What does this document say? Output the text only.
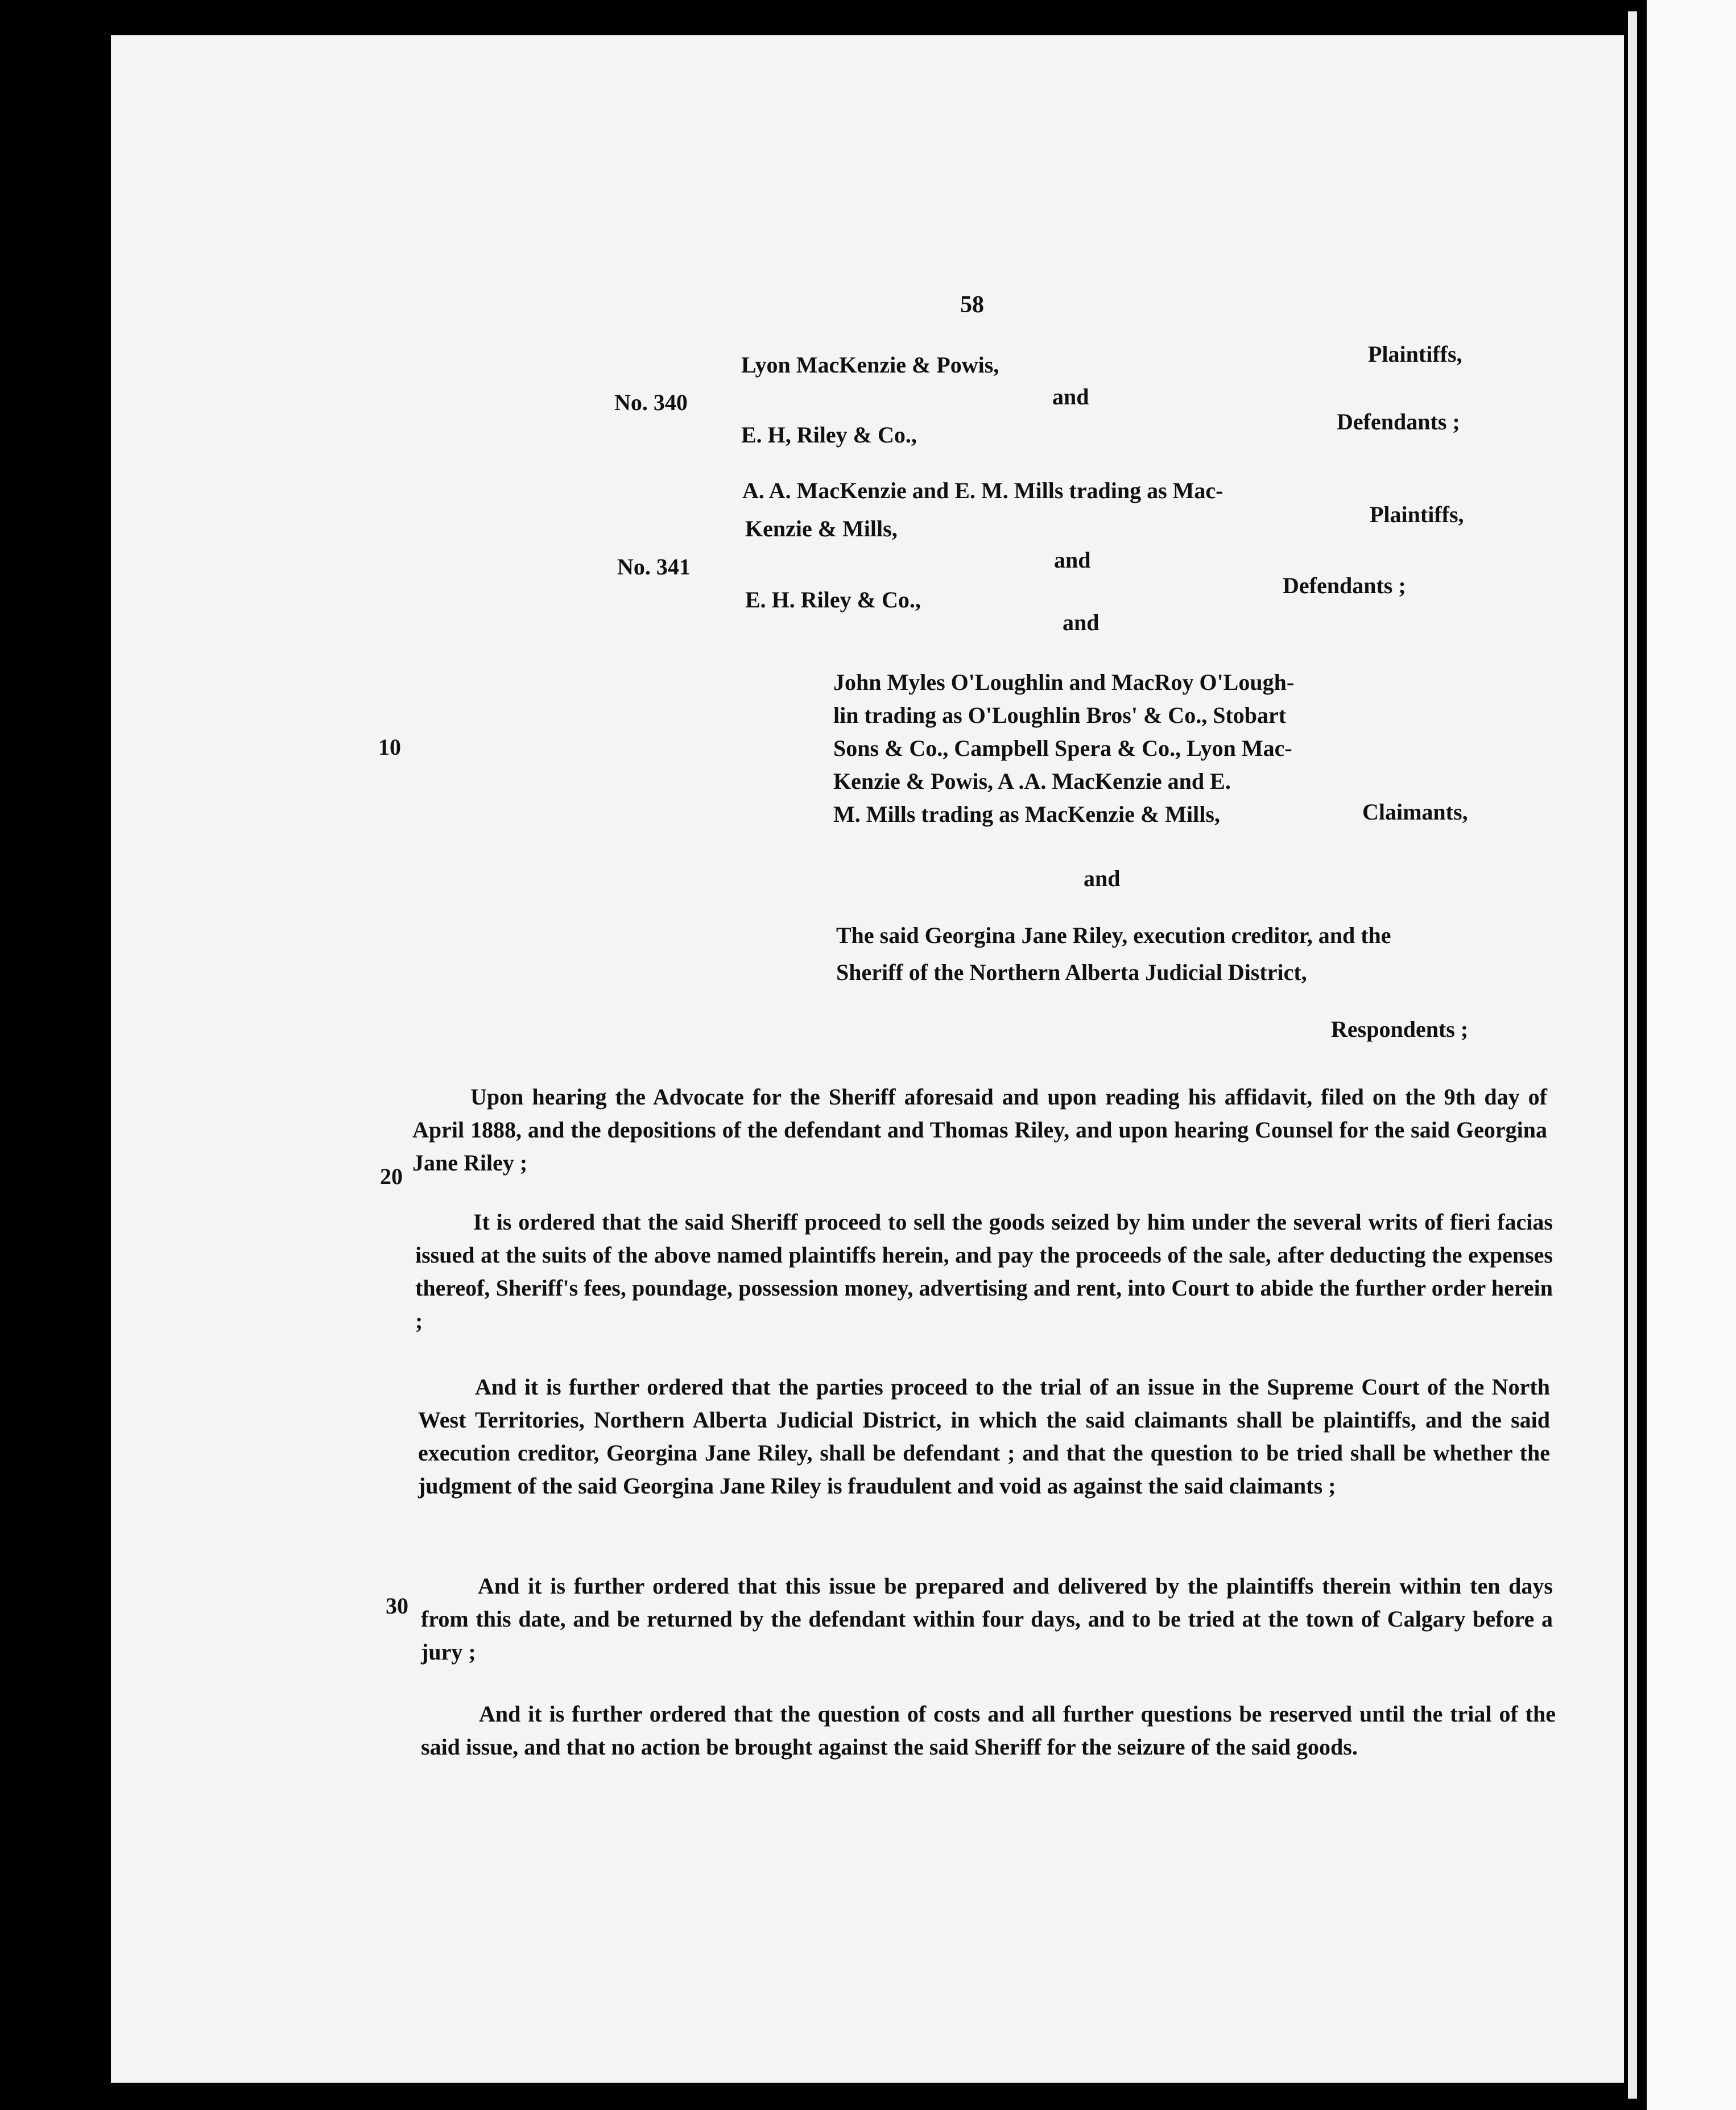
58
Lyon MacKenzie & Powis,	Plaintiffs,
No. 340	and
E. H, Riley & Co.,
Defendants ;
A. A. MacKenzie and E. M. Mills trading as Mac-
Kenzie & Mills,
Plaintiffs,
No. 341	and
E. H. Riley & Co.,
Defendants ;
and
John Myles O'Loughlin and MacRoy O'Lough-
lin trading as O'Loughlin Bros' & Co., Stobart
Sons & Co., Campbell Spera & Co., Lyon Mac-
Kenzie & Powis, A .A. MacKenzie and E.
M. Mills trading as MacKenzie & Mills,	Claimants,
10
and
The said Georgina Jane Riley, execution creditor, and the
Sheriff of the Northern Alberta Judicial District,
Respondents ;
Upon hearing the Advocate for the Sheriff aforesaid and upon reading his affidavit, filed on the 9th day of April 1888, and the depositions of the defendant and Thomas Riley, and upon hearing Counsel for the said Georgina Jane Riley ;
20
It is ordered that the said Sheriff proceed to sell the goods seized by him under the several writs of fieri facias issued at the suits of the above named plaintiffs herein, and pay the proceeds of the sale, after deducting the expenses thereof, Sheriff's fees, poundage, possession money, advertising and rent, into Court to abide the further order herein ;
And it is further ordered that the parties proceed to the trial of an issue in the Supreme Court of the North West Territories, Northern Alberta Judicial District, in which the said claimants shall be plaintiffs, and the said execution creditor, Georgina Jane Riley, shall be defendant ; and that the question to be tried shall be whether the judgment of the said Georgina Jane Riley is fraudulent and void as against the said claimants ;
30
And it is further ordered that this issue be prepared and delivered by the plaintiffs therein within ten days from this date, and be returned by the defendant within four days, and to be tried at the town of Calgary before a jury ;
And it is further ordered that the question of costs and all further questions be reserved until the trial of the said issue, and that no action be brought against the said Sheriff for the seizure of the said goods.
